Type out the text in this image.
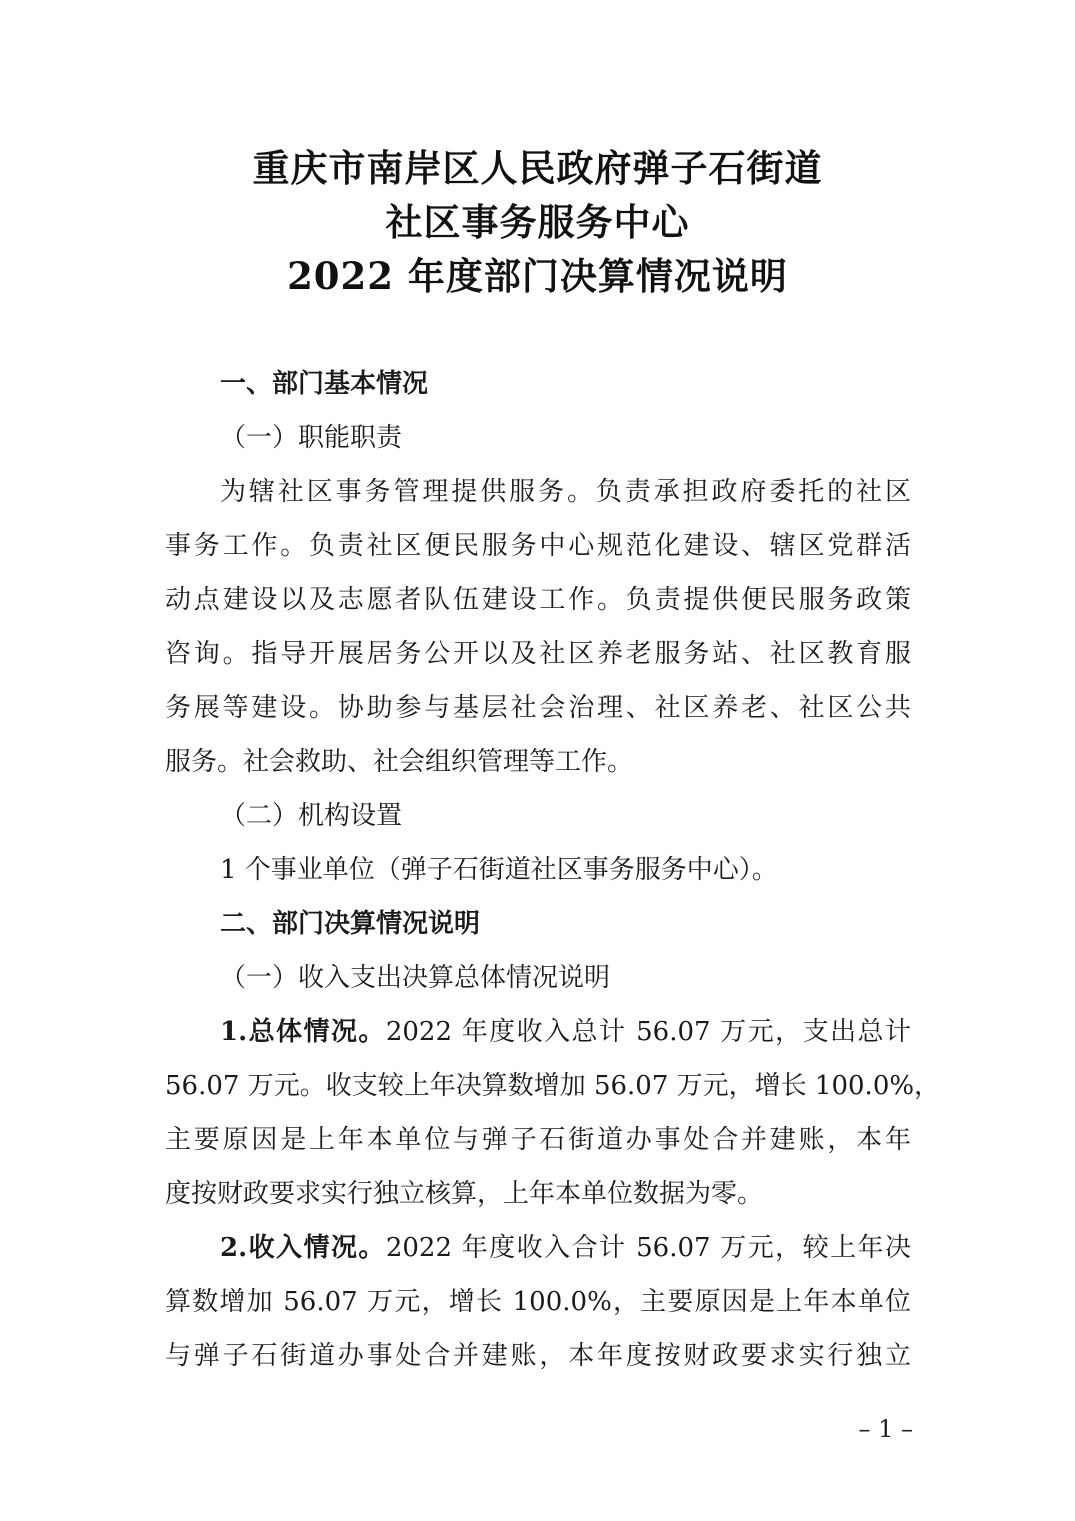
重庆市南岸区人民政府弹子石街道
社区事务服务中心
2022 年度部门决算情况说明
一、部门基本情况
（一）职能职责
为辖社区事务管理提供服务。负责承担政府委托的社区
事务工作。负责社区便民服务中心规范化建设、辖区党群活
动点建设以及志愿者队伍建设工作。负责提供便民服务政策
咨询。指导开展居务公开以及社区养老服务站、社区教育服
务展等建设。协助参与基层社会治理、社区养老、社区公共
服务。社会救助、社会组织管理等工作。
（二）机构设置
1 个事业单位（弹子石街道社区事务服务中心）。
二、部门决算情况说明
（一）收入支出决算总体情况说明
1.总体情况。2022 年度收入总计 56.07 万元，支出总计
56.07 万元。收支较上年决算数增加 56.07 万元，增长 100.0%，
主要原因是上年本单位与弹子石街道办事处合并建账，本年
度按财政要求实行独立核算，上年本单位数据为零。
2.收入情况。2022 年度收入合计 56.07 万元，较上年决
算数增加 56.07 万元，增长 100.0%，主要原因是上年本单位
与弹子石街道办事处合并建账，本年度按财政要求实行独立
– 1 –
